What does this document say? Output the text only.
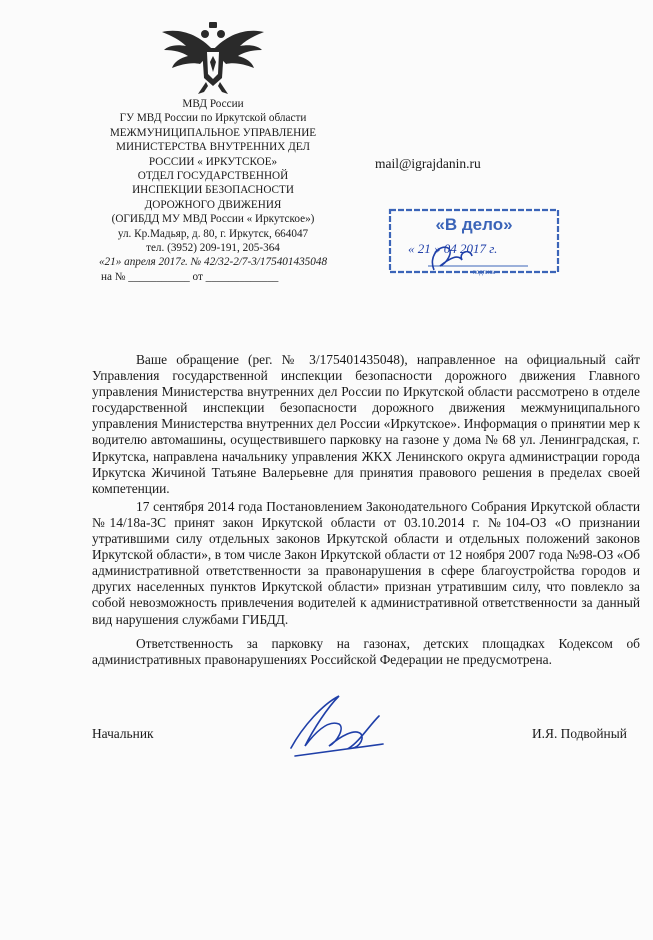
МВД России
ГУ МВД России по Иркутской области
МЕЖМУНИЦИПАЛЬНОЕ УПРАВЛЕНИЕ
МИНИСТЕРСТВА ВНУТРЕННИХ ДЕЛ
РОССИИ « ИРКУТСКОЕ»
ОТДЕЛ ГОСУДАРСТВЕННОЙ
ИНСПЕКЦИИ БЕЗОПАСНОСТИ
ДОРОЖНОГО ДВИЖЕНИЯ
(ОГИБДД МУ МВД России « Иркутское»)
ул. Кр.Мадьяр, д. 80, г. Иркутск, 664047
тел. (3952) 209-191, 205-364
«21» апреля 2017г. № 42/32-2/7-3/175401435048
на № ___________ от _____________
mail@igrajdanin.ru
«В дело»
« 21 » 04 2017 г.
подпись

Ваше обращение (рег. № 3/175401435048), направленное на официальный сайт Управления государственной инспекции безопасности дорожного движения Главного управления Министерства внутренних дел России по Иркутской области рассмотрено в отделе государственной инспекции безопасности дорожного движения межмуниципального управления Министерства внутренних дел России «Иркутское». Информация о принятии мер к водителю автомашины, осуществившего парковку на газоне у дома № 68 ул. Ленинградская, г. Иркутска, направлена начальнику управления ЖКХ Ленинского округа администрации города Иркутска Жичиной Татьяне Валерьевне для принятия правового решения в пределах своей компетенции.

17 сентября 2014 года Постановлением Законодательного Собрания Иркутской области №14/18а-ЗС принят закон Иркутской области от 03.10.2014 г. №104-ОЗ «О признании утратившими силу отдельных законов Иркутской области и отдельных положений законов Иркутской области», в том числе Закон Иркутской области от 12 ноября 2007 года №98-ОЗ «Об административной ответственности за правонарушения в сфере благоустройства городов и других населенных пунктов Иркутской области» признан утратившим силу, что повлекло за собой невозможность привлечения водителей к административной ответственности за данный вид нарушения службами ГИБДД.

Ответственность за парковку на газонах, детских площадках Кодексом об административных правонарушениях Российской Федерации не предусмотрена.

Начальник	И.Я. Подвойный
